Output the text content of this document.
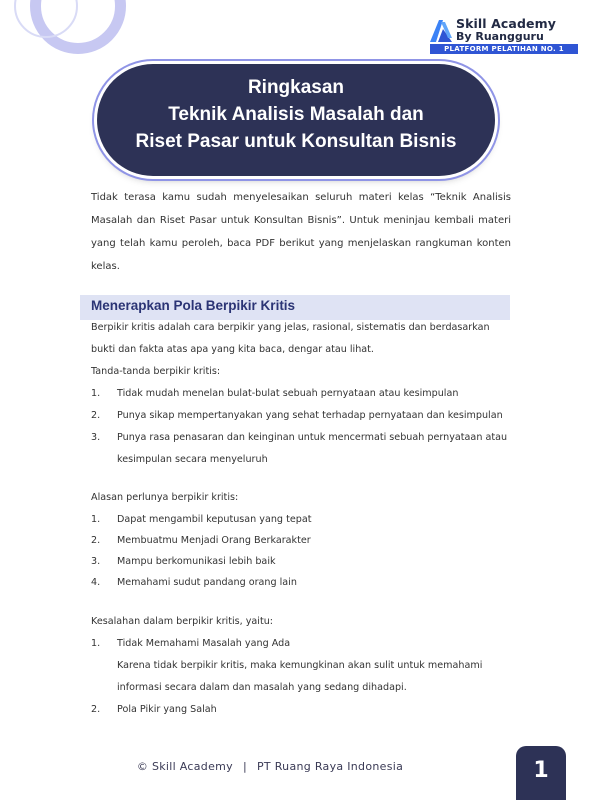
Skill Academy
By Ruangguru
PLATFORM PELATIHAN NO. 1
Ringkasan
Teknik Analisis Masalah dan
Riset Pasar untuk Konsultan Bisnis
Tidak terasa kamu sudah menyelesaikan seluruh materi kelas “Teknik Analisis Masalah dan Riset Pasar untuk Konsultan Bisnis”. Untuk meninjau kembali materi yang telah kamu peroleh, baca PDF berikut yang menjelaskan rangkuman konten kelas.
Menerapkan Pola Berpikir Kritis
Berpikir kritis adalah cara berpikir yang jelas, rasional, sistematis dan berdasarkan
bukti dan fakta atas apa yang kita baca, dengar atau lihat.
Tanda-tanda berpikir kritis:
1. Tidak mudah menelan bulat-bulat sebuah pernyataan atau kesimpulan
2. Punya sikap mempertanyakan yang sehat terhadap pernyataan dan kesimpulan
3. Punya rasa penasaran dan keinginan untuk mencermati sebuah pernyataan atau
kesimpulan secara menyeluruh
Alasan perlunya berpikir kritis:
1. Dapat mengambil keputusan yang tepat
2. Membuatmu Menjadi Orang Berkarakter
3. Mampu berkomunikasi lebih baik
4. Memahami sudut pandang orang lain
Kesalahan dalam berpikir kritis, yaitu:
1. Tidak Memahami Masalah yang Ada
Karena tidak berpikir kritis, maka kemungkinan akan sulit untuk memahami
informasi secara dalam dan masalah yang sedang dihadapi.
2. Pola Pikir yang Salah
© Skill Academy | PT Ruang Raya Indonesia	1
